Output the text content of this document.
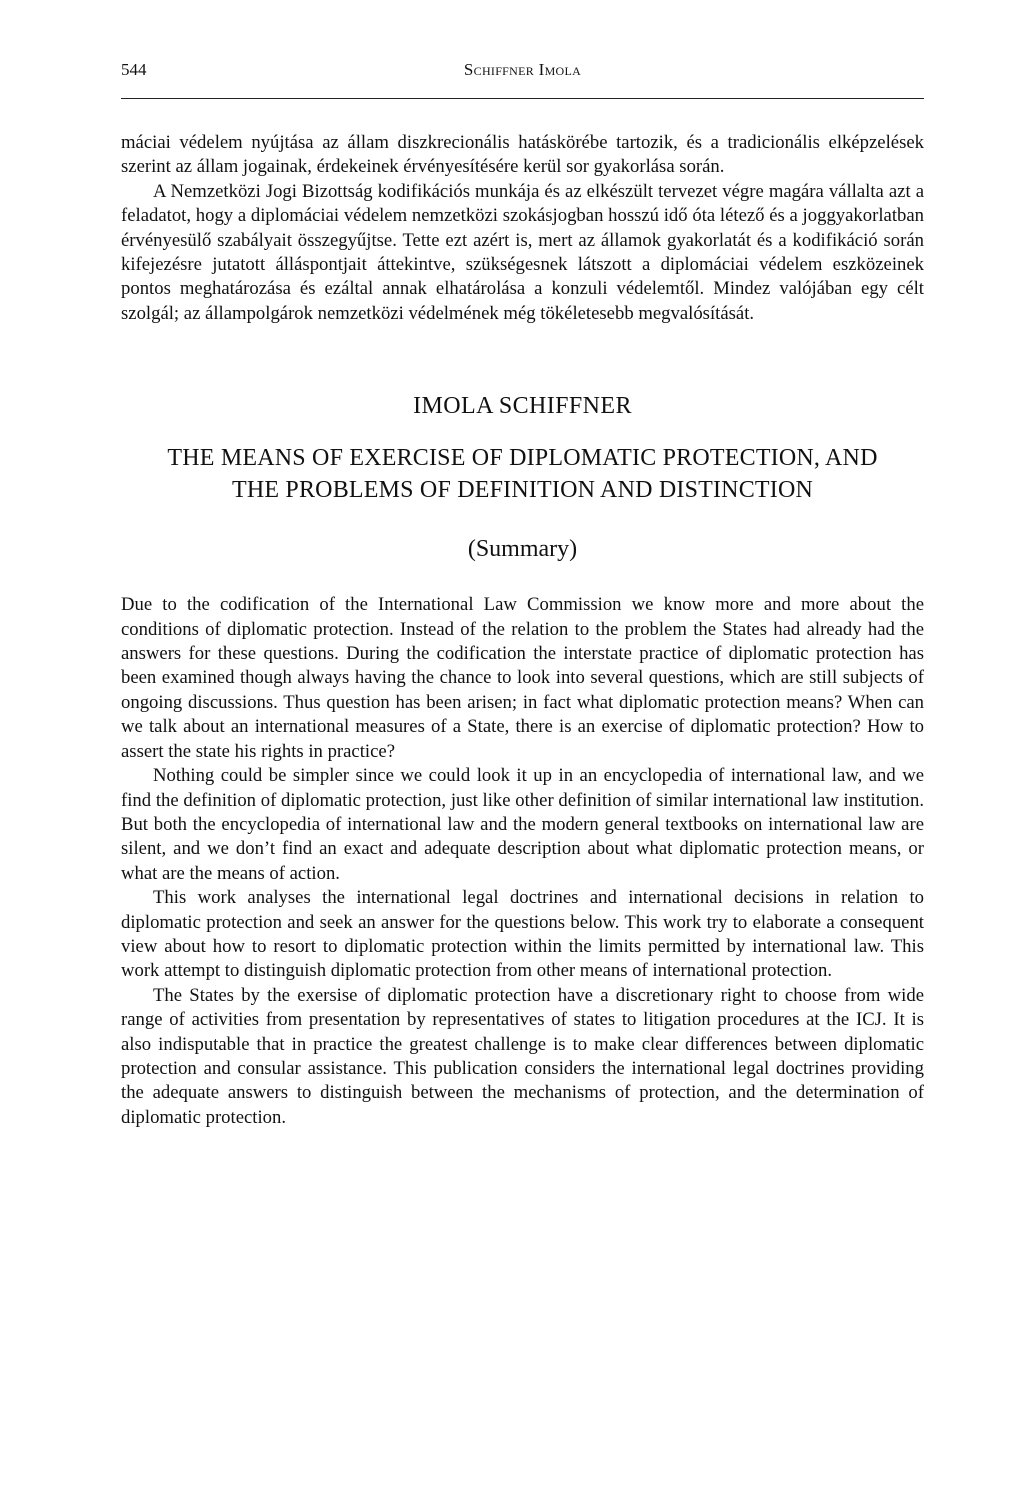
544	Schiffner Imola

máciai védelem nyújtása az állam diszkrecionális hatáskörébe tartozik, és a tradicionális elképzelések szerint az állam jogainak, érdekeinek érvényesítésére kerül sor gyakorlása során.

A Nemzetközi Jogi Bizottság kodifikációs munkája és az elkészült tervezet végre magára vállalta azt a feladatot, hogy a diplomáciai védelem nemzetközi szokásjogban hosszú idő óta létező és a joggyakorlatban érvényesülő szabályait összegyűjtse. Tette ezt azért is, mert az államok gyakorlatát és a kodifikáció során kifejezésre jutatott álláspontjait áttekintve, szükségesnek látszott a diplomáciai védelem eszközeinek pontos meghatározása és ezáltal annak elhatárolása a konzuli védelemtől. Mindez valójában egy célt szolgál; az állampolgárok nemzetközi védelmének még tökéletesebb megvalósítását.

IMOLA SCHIFFNER
THE MEANS OF EXERCISE OF DIPLOMATIC PROTECTION, AND
THE PROBLEMS OF DEFINITION AND DISTINCTION
(Summary)

Due to the codification of the International Law Commission we know more and more about the conditions of diplomatic protection. Instead of the relation to the problem the States had already had the answers for these questions. During the codification the interstate practice of diplomatic protection has been examined though always having the chance to look into several questions, which are still subjects of ongoing discussions. Thus question has been arisen; in fact what diplomatic protection means? When can we talk about an international measures of a State, there is an exercise of diplomatic protection? How to assert the state his rights in practice?

Nothing could be simpler since we could look it up in an encyclopedia of international law, and we find the definition of diplomatic protection, just like other definition of similar international law institution. But both the encyclopedia of international law and the modern general textbooks on international law are silent, and we don’t find an exact and adequate description about what diplomatic protection means, or what are the means of action.

This work analyses the international legal doctrines and international decisions in relation to diplomatic protection and seek an answer for the questions below. This work try to elaborate a consequent view about how to resort to diplomatic protection within the limits permitted by international law. This work attempt to distinguish diplomatic protection from other means of international protection.

The States by the exersise of diplomatic protection have a discretionary right to choose from wide range of activities from presentation by representatives of states to litigation procedures at the ICJ. It is also indisputable that in practice the greatest challenge is to make clear differences between diplomatic protection and consular assistance. This publication considers the international legal doctrines providing the adequate answers to distinguish between the mechanisms of protection, and the determination of diplomatic protection.
